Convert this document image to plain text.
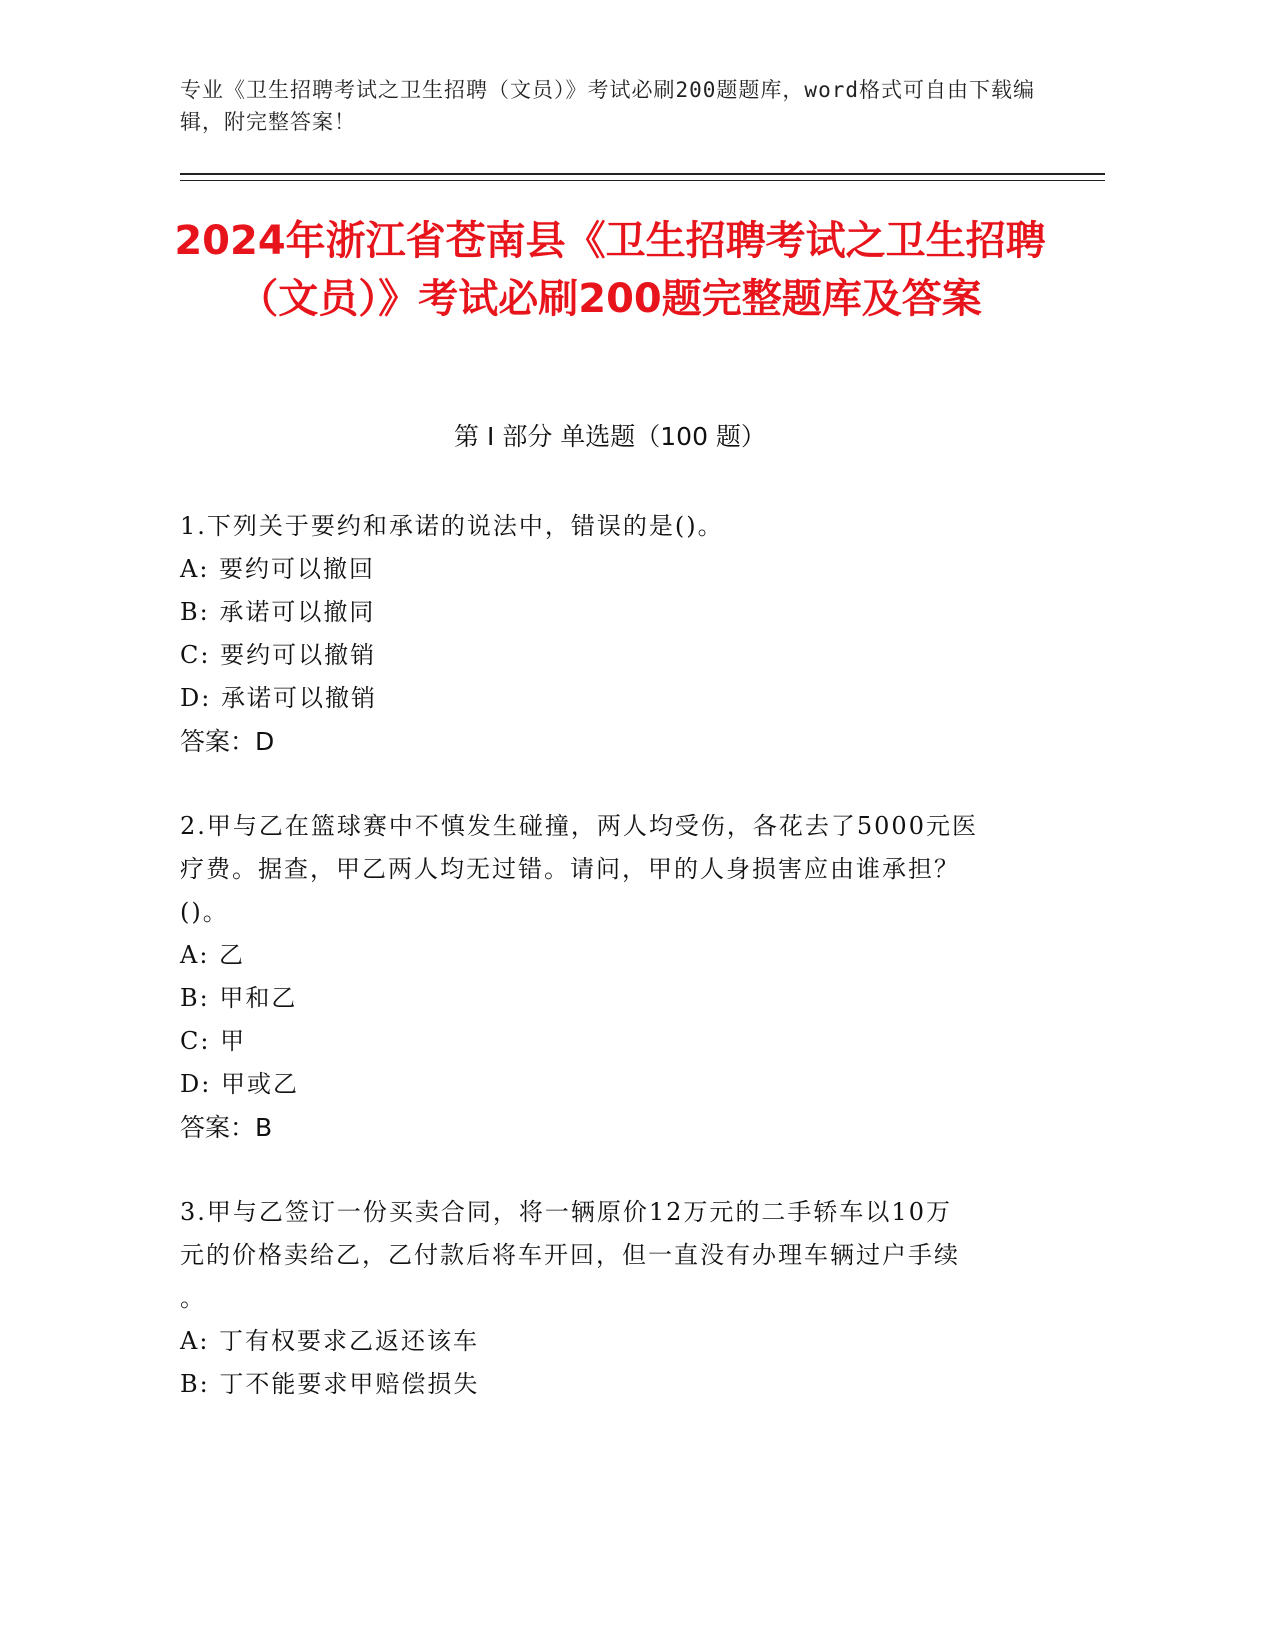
专业《卫生招聘考试之卫生招聘（文员）》考试必刷200题题库，word格式可自由下载编辑，附完整答案！
2024年浙江省苍南县《卫生招聘考试之卫生招聘（文员）》考试必刷200题完整题库及答案
第 I 部分 单选题（100 题）

1.下列关于要约和承诺的说法中，错误的是()。

A: 要约可以撤回

B: 承诺可以撤同

C: 要约可以撤销

D: 承诺可以撤销

答案：D

2.甲与乙在篮球赛中不慎发生碰撞，两人均受伤，各花去了5000元医

疗费。据查，甲乙两人均无过错。请问，甲的人身损害应由谁承担？

()。

A: 乙

B: 甲和乙

C: 甲

D: 甲或乙

答案：B

3.甲与乙签订一份买卖合同，将一辆原价12万元的二手轿车以10万

元的价格卖给乙，乙付款后将车开回，但一直没有办理车辆过户手续

。

A: 丁有权要求乙返还该车

B: 丁不能要求甲赔偿损失
